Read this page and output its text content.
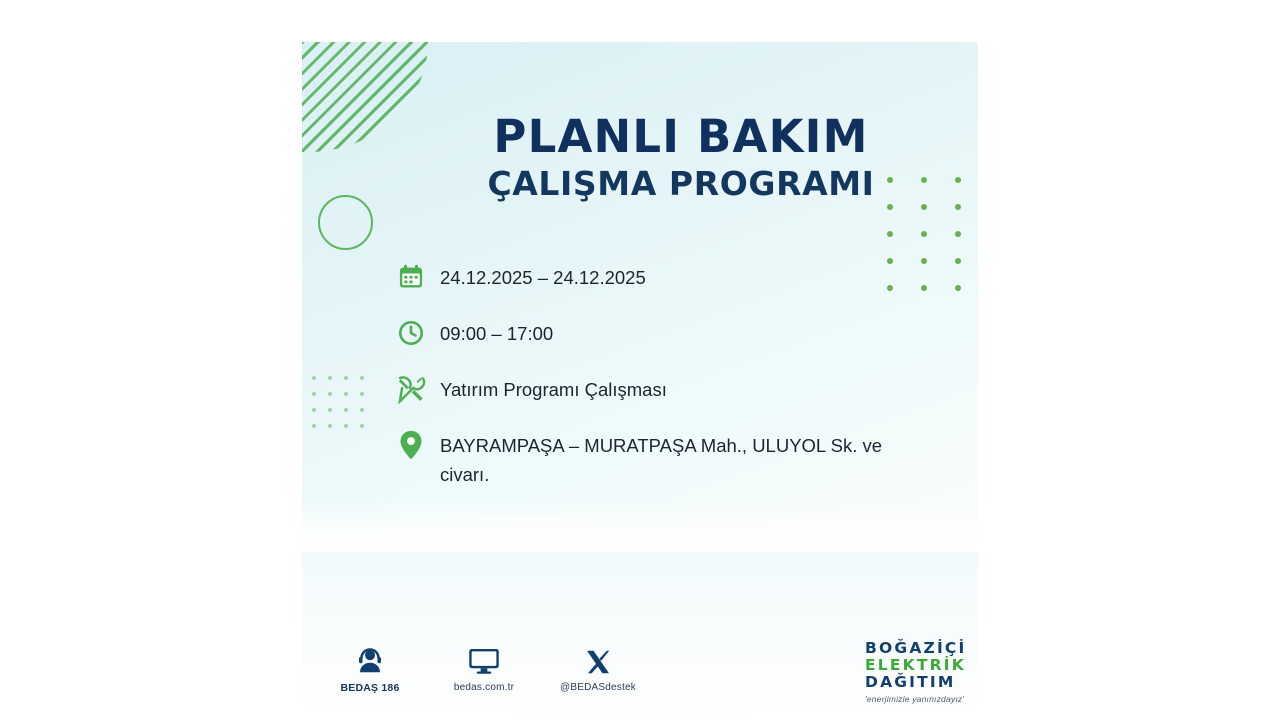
PLANLI BAKIM
ÇALIŞMA PROGRAMI
24.12.2025 – 24.12.2025
09:00 – 17:00
Yatırım Programı Çalışması
BAYRAMPAŞA – MURATPAŞA Mah., ULUYOL Sk. ve civarı.
BEDAŞ 186	bedas.com.tr	@BEDASdestek
BOĞAZİÇİ
ELEKTRİK
DAĞITIM
'enerjimizle yanınızdayız'
